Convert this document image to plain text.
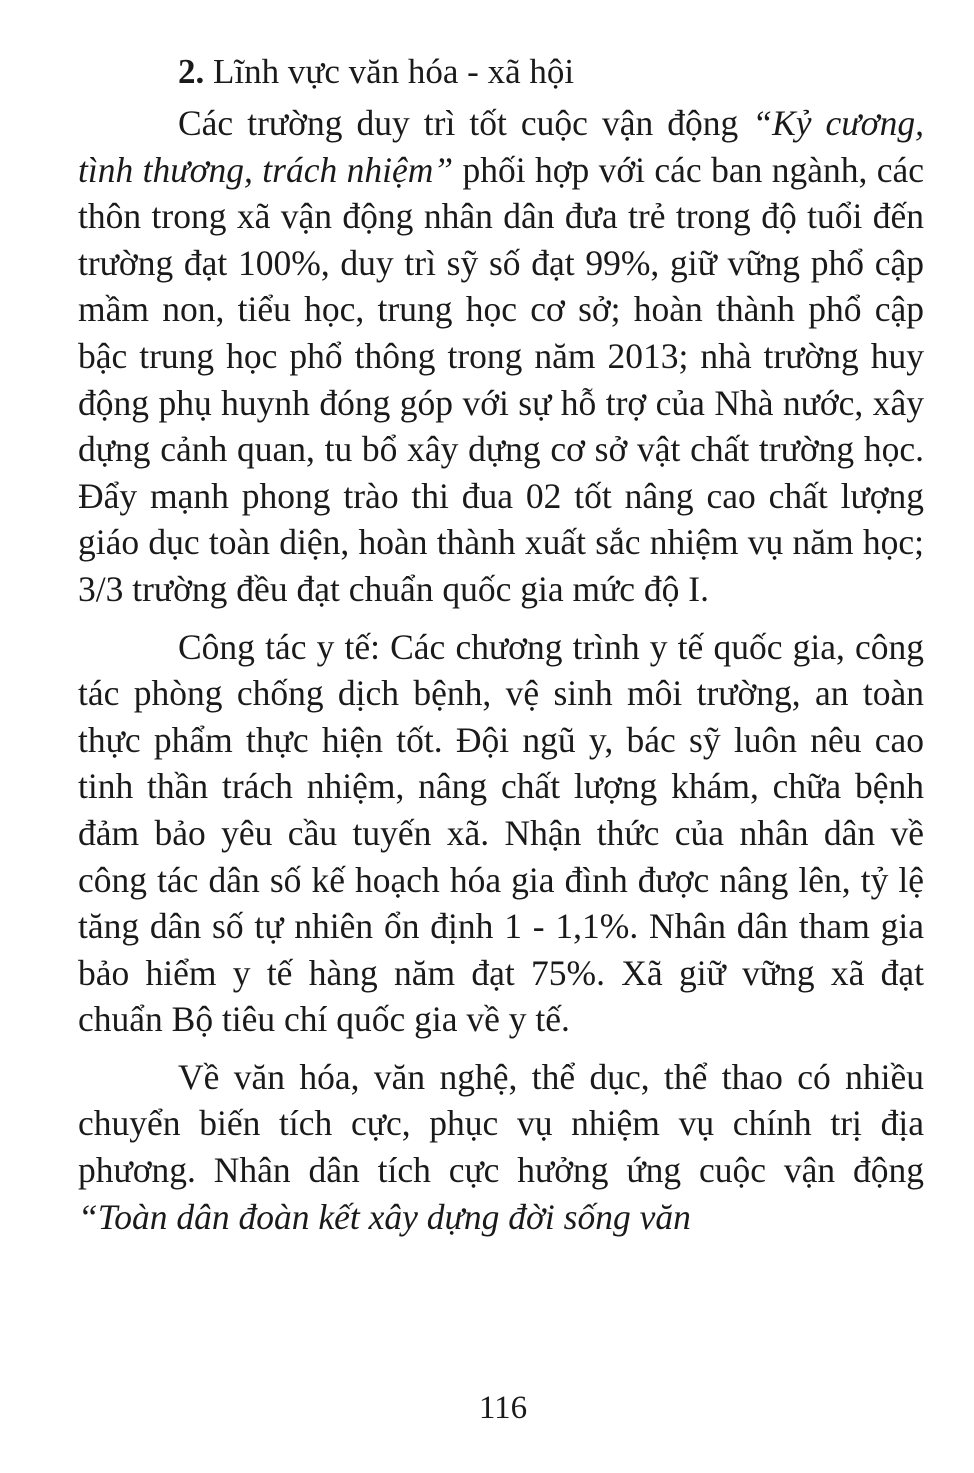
2. Lĩnh vực văn hóa - xã hội

Các trường duy trì tốt cuộc vận động “Kỷ cương, tình thương, trách nhiệm” phối hợp với các ban ngành, các thôn trong xã vận động nhân dân đưa trẻ trong độ tuổi đến trường đạt 100%, duy trì sỹ số đạt 99%, giữ vững phổ cập mầm non, tiểu học, trung học cơ sở; hoàn thành phổ cập bậc trung học phổ thông trong năm 2013; nhà trường huy động phụ huynh đóng góp với sự hỗ trợ của Nhà nước, xây dựng cảnh quan, tu bổ xây dựng cơ sở vật chất trường học. Đẩy mạnh phong trào thi đua 02 tốt nâng cao chất lượng giáo dục toàn diện, hoàn thành xuất sắc nhiệm vụ năm học; 3/3 trường đều đạt chuẩn quốc gia mức độ I.

Công tác y tế: Các chương trình y tế quốc gia, công tác phòng chống dịch bệnh, vệ sinh môi trường, an toàn thực phẩm thực hiện tốt. Đội ngũ y, bác sỹ luôn nêu cao tinh thần trách nhiệm, nâng chất lượng khám, chữa bệnh đảm bảo yêu cầu tuyến xã. Nhận thức của nhân dân về công tác dân số kế hoạch hóa gia đình được nâng lên, tỷ lệ tăng dân số tự nhiên ổn định 1 - 1,1%. Nhân dân tham gia bảo hiểm y tế hàng năm đạt 75%. Xã giữ vững xã đạt chuẩn Bộ tiêu chí quốc gia về y tế.

Về văn hóa, văn nghệ, thể dục, thể thao có nhiều chuyển biến tích cực, phục vụ nhiệm vụ chính trị địa phương. Nhân dân tích cực hưởng ứng cuộc vận động “Toàn dân đoàn kết xây dựng đời sống văn

116
